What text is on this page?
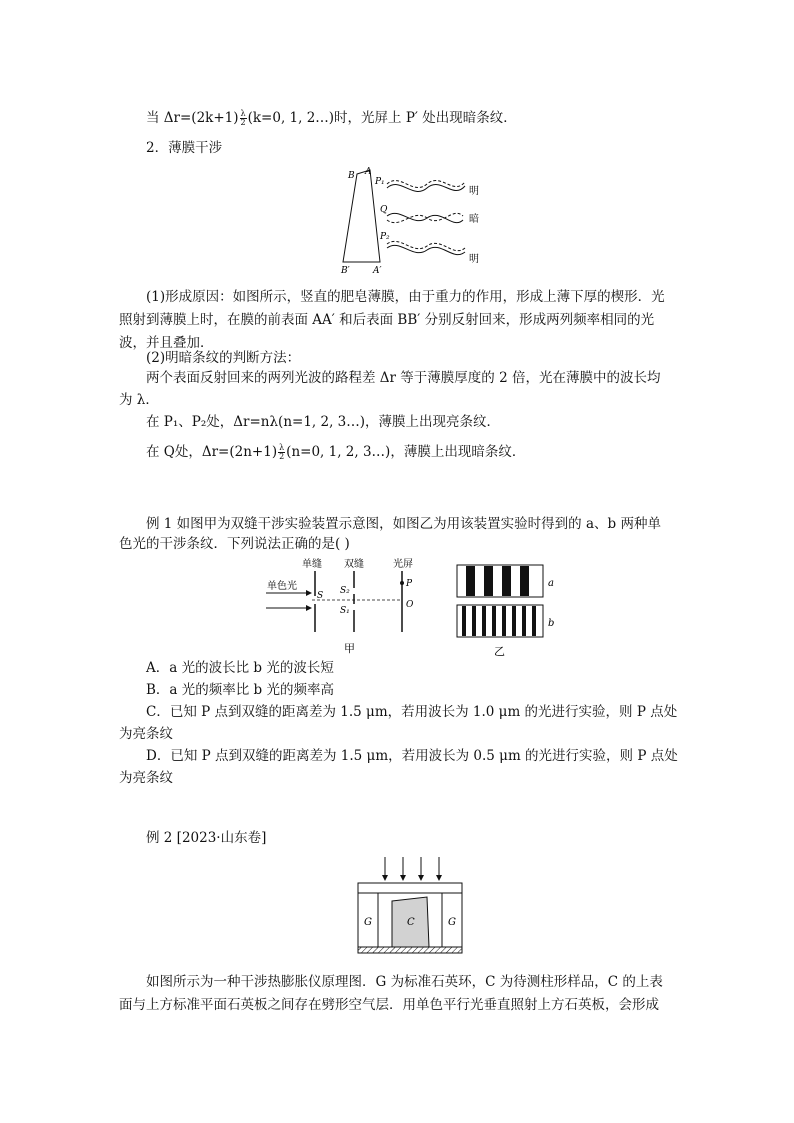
当 $\Delta r=(2k+1) \frac{\lambda}{2} (k=0$, 1, 2…)时，光屏上 P′ 处出现暗条纹．
2．薄膜干涉
B A
P₁
Q
P₂
B′	A′
明
暗
明
(1)形成原因：如图所示，竖直的肥皂薄膜，由于重力的作用，形成上薄下厚的楔形．光
照射到薄膜上时，在膜的前表面 AA′ 和后表面 BB′ 分别反射回来，形成两列频率相同的光
波，并且叠加．
(2)明暗条纹的判断方法：
两个表面反射回来的两列光波的路程差 Δr 等于薄膜厚度的 2 倍，光在薄膜中的波长均
为 λ．
在 P₁、P₂处，Δr=nλ(n=1, 2, 3…)，薄膜上出现亮条纹．
在 Q处，$\Delta r=(2n+1) \frac{\lambda}{2} (n=0$, 1, 2, 3…)，薄膜上出现暗条纹．
例 1 如图甲为双缝干涉实验装置示意图，如图乙为用该装置实验时得到的 a、b 两种单
色光的干涉条纹．下列说法正确的是( )
单缝 双缝	光屏
单色光
S S₂
S₁
P
O
甲
a
b
乙
A．a 光的波长比 b 光的波长短
B．a 光的频率比 b 光的频率高
C．已知 P 点到双缝的距离差为 1.5 μm，若用波长为 1.0 μm 的光进行实验，则 P 点处
为亮条纹
D．已知 P 点到双缝的距离差为 1.5 μm，若用波长为 0.5 μm 的光进行实验，则 P 点处
为亮条纹
例 2 [2023·山东卷]
G	G
C
如图所示为一种干涉热膨胀仪原理图．G 为标准石英环，C 为待测柱形样品，C 的上表
面与上方标准平面石英板之间存在劈形空气层．用单色平行光垂直照射上方石英板，会形成
